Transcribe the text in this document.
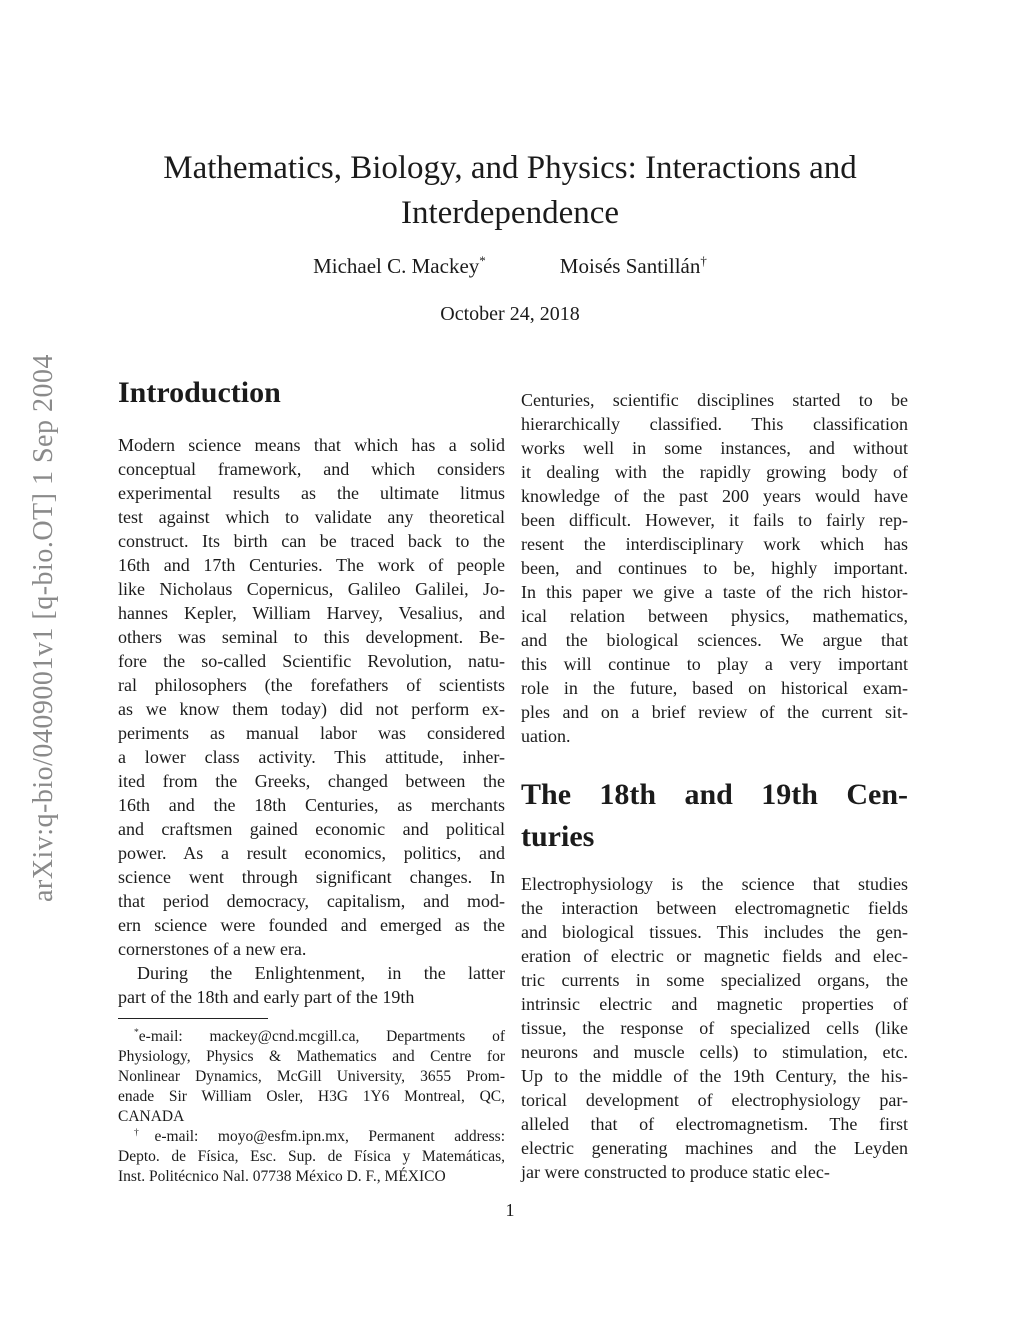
arXiv:q-bio/0409001v1 [q-bio.OT] 1 Sep 2004
Mathematics, Biology, and Physics: Interactions and
Interdependence
Michael C. Mackey*	Moisés Santillán†
October 24, 2018
Introduction
Modern science means that which has a solid
conceptual framework, and which considers
experimental results as the ultimate litmus
test against which to validate any theoretical
construct. Its birth can be traced back to the
16th and 17th Centuries. The work of people
like Nicholaus Copernicus, Galileo Galilei, Jo-
hannes Kepler, William Harvey, Vesalius, and
others was seminal to this development. Be-
fore the so-called Scientific Revolution, natu-
ral philosophers (the forefathers of scientists
as we know them today) did not perform ex-
periments as manual labor was considered
a lower class activity. This attitude, inher-
ited from the Greeks, changed between the
16th and the 18th Centuries, as merchants
and craftsmen gained economic and political
power. As a result economics, politics, and
science went through significant changes. In
that period democracy, capitalism, and mod-
ern science were founded and emerged as the
cornerstones of a new era.
During the Enlightenment, in the latter
part of the 18th and early part of the 19th
*e-mail: mackey@cnd.mcgill.ca, Departments of
Physiology, Physics & Mathematics and Centre for
Nonlinear Dynamics, McGill University, 3655 Prom-
enade Sir William Osler, H3G 1Y6 Montreal, QC,
CANADA
†e-mail: moyo@esfm.ipn.mx, Permanent address:
Depto. de Física, Esc. Sup. de Física y Matemáticas,
Inst. Politécnico Nal. 07738 México D. F., MÉXICO
Centuries, scientific disciplines started to be
hierarchically classified. This classification
works well in some instances, and without
it dealing with the rapidly growing body of
knowledge of the past 200 years would have
been difficult. However, it fails to fairly rep-
resent the interdisciplinary work which has
been, and continues to be, highly important.
In this paper we give a taste of the rich histor-
ical relation between physics, mathematics,
and the biological sciences. We argue that
this will continue to play a very important
role in the future, based on historical exam-
ples and on a brief review of the current sit-
uation.
The 18th and 19th Cen-
turies
Electrophysiology is the science that studies
the interaction between electromagnetic fields
and biological tissues. This includes the gen-
eration of electric or magnetic fields and elec-
tric currents in some specialized organs, the
intrinsic electric and magnetic properties of
tissue, the response of specialized cells (like
neurons and muscle cells) to stimulation, etc.
Up to the middle of the 19th Century, the his-
torical development of electrophysiology par-
alleled that of electromagnetism. The first
electric generating machines and the Leyden
jar were constructed to produce static elec-
1
